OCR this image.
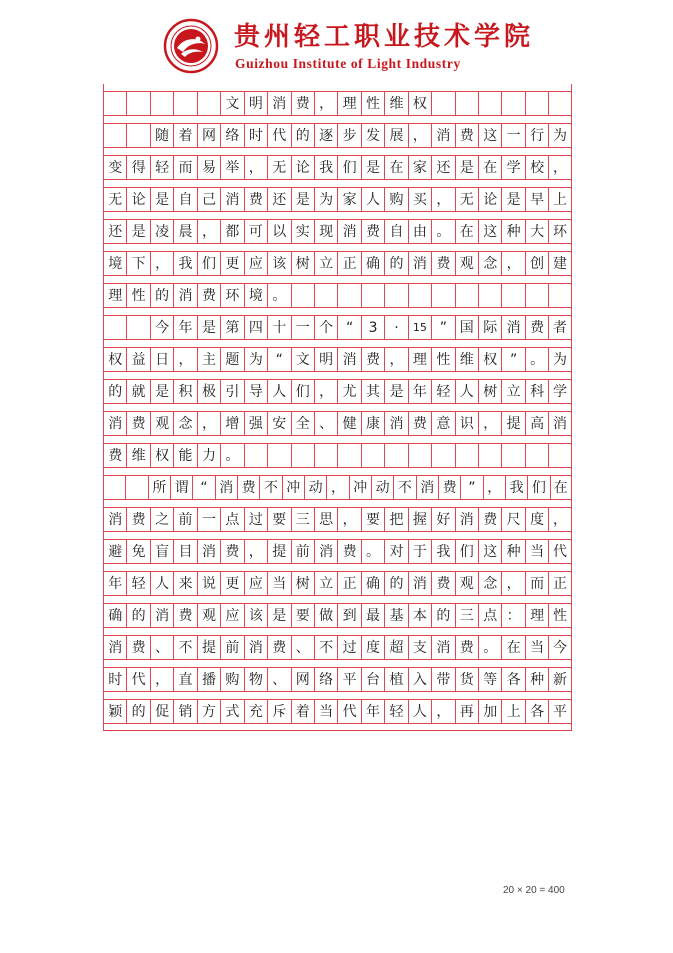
贵州轻工职业技术学院
Guizhou Institute of Light Industry
文 明 消 费 ， 理 性 维 权
随 着 网 络 时 代 的 逐 步 发 展 ， 消 费 这 一 行 为
变 得 轻 而 易 举 ， 无 论 我 们 是 在 家 还 是 在 学 校 ，
无 论 是 自 己 消 费 还 是 为 家 人 购 买 ， 无 论 是 早 上
还 是 凌 晨 ， 都 可 以 实 现 消 费 自 由 。 在 这 种 大 环
境 下 ， 我 们 更 应 该 树 立 正 确 的 消 费 观 念 ， 创 建
理 性 的 消 费 环 境 。
今 年 是 第 四 十 一 个 “	3	·	15 ” 国 际 消 费 者
权 益 日 ， 主 题 为 “ 文 明 消 费 ， 理 性 维 权 ” 。 为
的 就 是 积 极 引 导 人 们 ， 尤 其 是 年 轻 人 树 立 科 学
消 费 观 念 ， 增 强 安 全 、 健 康 消 费 意 识 ， 提 高 消
费 维 权 能 力 。
所 谓 “ 消 费 不 冲 动 ， 冲 动 不 消 费 ” ， 我 们 在
消 费 之 前 一 点 过 要 三 思 ， 要 把 握 好 消 费 尺 度 ，
避 免 盲 目 消 费 ， 提 前 消 费 。 对 于 我 们 这 种 当 代
年 轻 人 来 说 更 应 当 树 立 正 确 的 消 费 观 念 ， 而 正
确 的 消 费 观 应 该 是 要 做 到 最 基 本 的 三 点 ： 理 性
消 费 、 不 提 前 消 费 、 不 过 度 超 支 消 费 。 在 当 今
时 代 ， 直 播 购 物 、 网 络 平 台 植 入 带 货 等 各 种 新
颖 的 促 销 方 式 充 斥 着 当 代 年 轻 人 ， 再 加 上 各 平
20 × 20 = 400
